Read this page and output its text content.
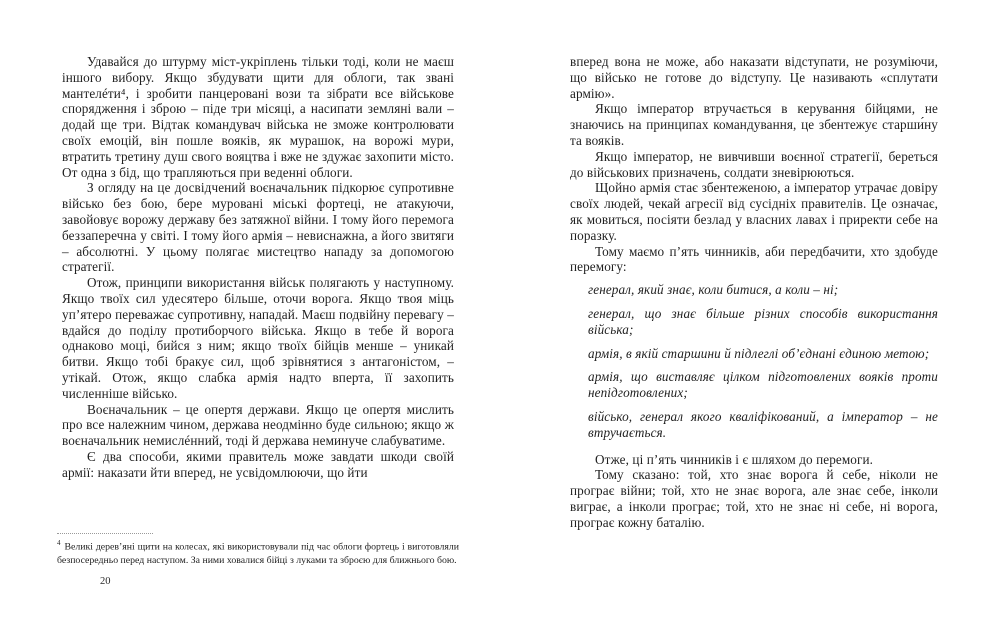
Удавайся до штурму міст-укріплень тільки тоді, коли не маєш іншого вибору. Якщо збудувати щити для облоги, так звані мантелéти⁴, і зробити панцеровані вози та зібрати все військове спорядження і зброю – піде три місяці, а насипати земляні вали – додай ще три. Відтак командувач війська не зможе контролювати своїх емоцій, він пошле вояків, як мурашок, на ворожі мури, втратить третину душ свого вояцтва і вже не здужає захопити місто. От одна з бід, що трапляються при веденні облоги.

З огляду на це досвідчений воєначальник підкорює супротивне військо без бою, бере муровані міські фортеці, не атакуючи, завойовує ворожу державу без затяжної війни. І тому його перемога беззаперечна у світі. І тому його армія – невиснажна, а його звитяги – абсолютні. У цьому полягає мистецтво нападу за допомогою стратегії.

Отож, принципи використання військ полягають у наступному. Якщо твоїх сил удесятеро більше, оточи ворога. Якщо твоя міць уп’ятеро переважає супротивну, нападай. Маєш подвійну перевагу – вдайся до поділу протиборчого війська. Якщо в тебе й ворога однаково моці, бийся з ним; якщо твоїх бійців менше – уникай битви. Якщо тобі бракує сил, щоб зрівнятися з антагоністом, – утікай. Отож, якщо слабка армія надто вперта, її захопить численніше військо.

Воєначальник – це опертя держави. Якщо це опертя мислить про все належним чином, держава неодмінно буде сильною; якщо ж воєначальник немислéнний, тоді й держава неминуче слабуватиме.

Є два способи, якими правитель може завдати шкоди своїй армії: наказати йти вперед, не усвідомлюючи, що йти

$^4$ Великі дерев’яні щити на колесах, які використовували під час облоги фортець і виготовляли безпосередньо перед наступом. За ними ховалися бійці з луками та зброєю для ближнього бою.
20

вперед вона не може, або наказати відступати, не розуміючи, що військо не готове до відступу. Це називають «сплутати армію».

Якщо імператор втручається в керування бійцями, не знаючись на принципах командування, це збентежує старши́ну та вояків.

Якщо імператор, не вивчивши воєнної стратегії, береться до військових призначень, солдати зневірюються.

Щойно армія стає збентеженою, а імператор утрачає довіру своїх людей, чекай агресії від сусідніх правителів. Це означає, як мовиться, посіяти безлад у власних лавах і приректи себе на поразку.

Тому маємо п’ять чинників, аби передбачити, хто здобуде перемогу:

генерал, який знає, коли битися, а коли – ні;

генерал, що знає більше різних способів використання війська;

армія, в якій старшини й підлеглі об’єднані єдиною метою;

армія, що виставляє цілком підготовлених вояків проти непідготовлених;

військо, генерал якого кваліфікований, а імператор – не втручається.

Отже, ці п’ять чинників і є шляхом до перемоги.

Тому сказано: той, хто знає ворога й себе, ніколи не програє війни; той, хто не знає ворога, але знає себе, інколи виграє, а інколи програє; той, хто не знає ні себе, ні ворога, програє кожну баталію.
